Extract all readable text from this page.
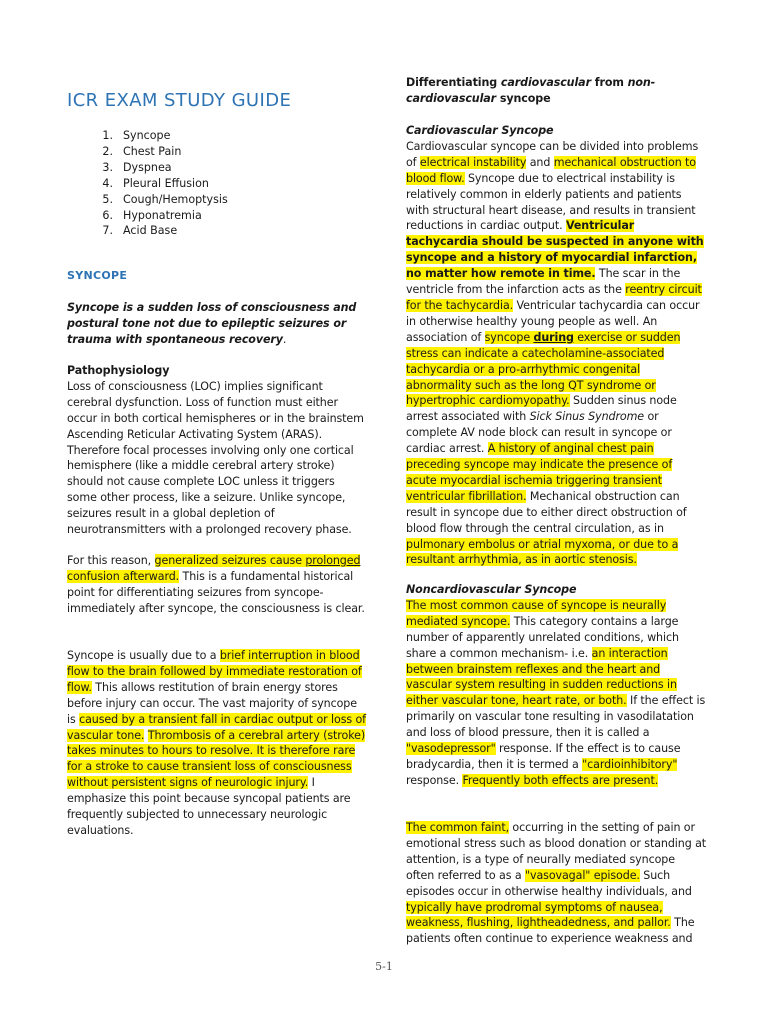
ICR EXAM STUDY GUIDE
1. Syncope
2. Chest Pain
3. Dyspnea
4. Pleural Effusion
5. Cough/Hemoptysis
6. Hyponatremia
7. Acid Base
SYNCOPE
Syncope is a sudden loss of consciousness and postural tone not due to epileptic seizures or trauma with spontaneous recovery.

Pathophysiology

Loss of consciousness (LOC) implies significant cerebral dysfunction. Loss of function must either occur in both cortical hemispheres or in the brainstem Ascending Reticular Activating System (ARAS). Therefore focal processes involving only one cortical hemisphere (like a middle cerebral artery stroke) should not cause complete LOC unless it triggers some other process, like a seizure. Unlike syncope, seizures result in a global depletion of neurotransmitters with a prolonged recovery phase.

For this reason, generalized seizures cause prolonged confusion afterward. This is a fundamental historical point for differentiating seizures from syncope-immediately after syncope, the consciousness is clear.
Syncope is usually due to a brief interruption in blood flow to the brain followed by immediate restoration of flow. This allows restitution of brain energy stores before injury can occur. The vast majority of syncope is caused by a transient fall in cardiac output or loss of vascular tone. Thrombosis of a cerebral artery (stroke) takes minutes to hours to resolve. It is therefore rare for a stroke to cause transient loss of consciousness without persistent signs of neurologic injury. I emphasize this point because syncopal patients are frequently subjected to unnecessary neurologic evaluations.
Differentiating cardiovascular from non-cardiovascular syncope

Cardiovascular Syncope

Cardiovascular syncope can be divided into problems of electrical instability and mechanical obstruction to blood flow. Syncope due to electrical instability is relatively common in elderly patients and patients with structural heart disease, and results in transient reductions in cardiac output. Ventricular tachycardia should be suspected in anyone with syncope and a history of myocardial infarction, no matter how remote in time. The scar in the ventricle from the infarction acts as the reentry circuit for the tachycardia. Ventricular tachycardia can occur in otherwise healthy young people as well. An association of syncope during exercise or sudden stress can indicate a catecholamine-associated tachycardia or a pro-arrhythmic congenital abnormality such as the long QT syndrome or hypertrophic cardiomyopathy. Sudden sinus node arrest associated with Sick Sinus Syndrome or complete AV node block can result in syncope or cardiac arrest. A history of anginal chest pain preceding syncope may indicate the presence of acute myocardial ischemia triggering transient ventricular fibrillation. Mechanical obstruction can result in syncope due to either direct obstruction of blood flow through the central circulation, as in pulmonary embolus or atrial myxoma, or due to a resultant arrhythmia, as in aortic stenosis.

Noncardiovascular Syncope

The most common cause of syncope is neurally mediated syncope. This category contains a large number of apparently unrelated conditions, which share a common mechanism- i.e. an interaction between brainstem reflexes and the heart and vascular system resulting in sudden reductions in either vascular tone, heart rate, or both. If the effect is primarily on vascular tone resulting in vasodilatation and loss of blood pressure, then it is called a "vasodepressor" response. If the effect is to cause bradycardia, then it is termed a "cardioinhibitory" response. Frequently both effects are present.

The common faint, occurring in the setting of pain or emotional stress such as blood donation or standing at attention, is a type of neurally mediated syncope often referred to as a "vasovagal" episode. Such episodes occur in otherwise healthy individuals, and typically have prodromal symptoms of nausea, weakness, flushing, lightheadedness, and pallor. The patients often continue to experience weakness and
5-1
